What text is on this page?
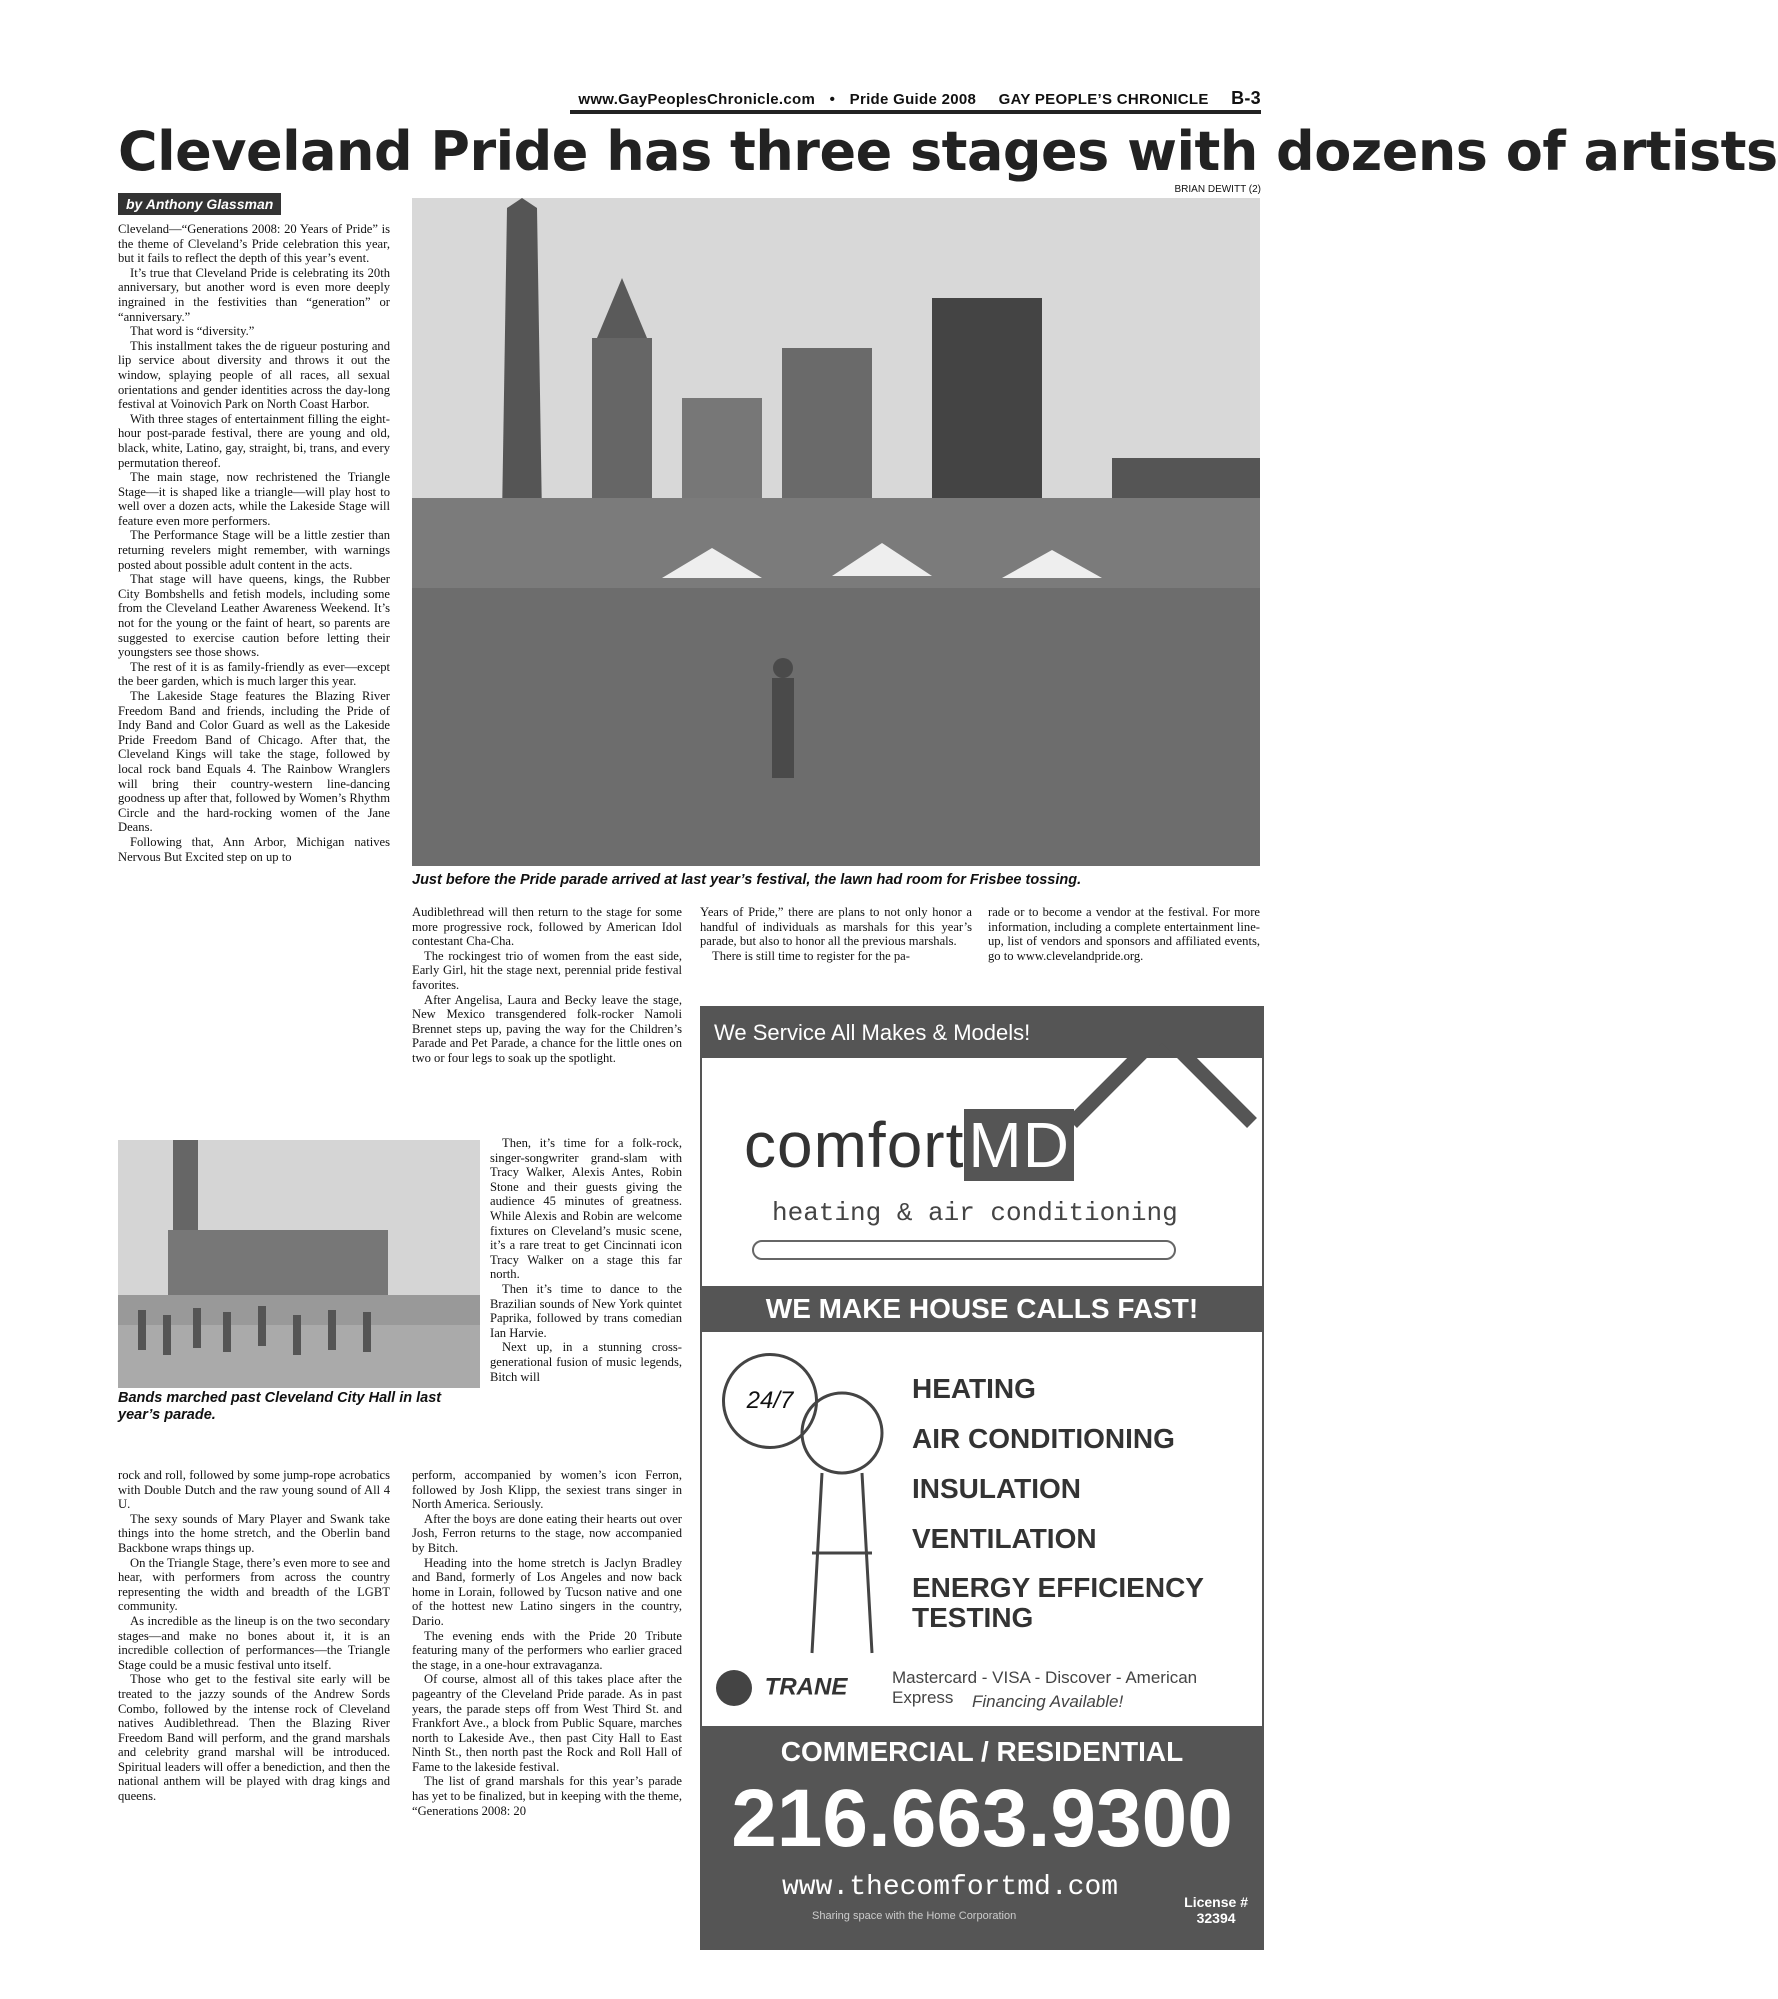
www.GayPeoplesChronicle.com • Pride Guide 2008 GAY PEOPLE’S CHRONICLE B-3
Cleveland Pride has three stages with dozens of artists
by Anthony Glassman
BRIAN DEWITT (2)
Just before the Pride parade arrived at last year’s festival, the lawn had room for Frisbee tossing.

Cleveland—“Generations 2008: 20 Years of Pride” is the theme of Cleveland’s Pride celebration this year, but it fails to reflect the depth of this year’s event.

It’s true that Cleveland Pride is celebrating its 20th anniversary, but another word is even more deeply ingrained in the festivities than “generation” or “anniversary.”

That word is “diversity.”

This installment takes the de rigueur posturing and lip service about diversity and throws it out the window, splaying people of all races, all sexual orientations and gender identities across the day-long festival at Voinovich Park on North Coast Harbor.

With three stages of entertainment filling the eight-hour post-parade festival, there are young and old, black, white, Latino, gay, straight, bi, trans, and every permutation thereof.

The main stage, now rechristened the Triangle Stage—it is shaped like a triangle—will play host to well over a dozen acts, while the Lakeside Stage will feature even more performers.

The Performance Stage will be a little zestier than returning revelers might remember, with warnings posted about possible adult content in the acts.

That stage will have queens, kings, the Rubber City Bombshells and fetish models, including some from the Cleveland Leather Awareness Weekend. It’s not for the young or the faint of heart, so parents are suggested to exercise caution before letting their youngsters see those shows.

The rest of it is as family-friendly as ever—except the beer garden, which is much larger this year.

The Lakeside Stage features the Blazing River Freedom Band and friends, including the Pride of Indy Band and Color Guard as well as the Lakeside Pride Freedom Band of Chicago. After that, the Cleveland Kings will take the stage, followed by local rock band Equals 4. The Rainbow Wranglers will bring their country-western line-dancing goodness up after that, followed by Women’s Rhythm Circle and the hard-rocking women of the Jane Deans.

Following that, Ann Arbor, Michigan natives Nervous But Excited step on up to

Audiblethread will then return to the stage for some more progressive rock, followed by American Idol contestant Cha-Cha.

The rockingest trio of women from the east side, Early Girl, hit the stage next, perennial pride festival favorites.

After Angelisa, Laura and Becky leave the stage, New Mexico transgendered folk-rocker Namoli Brennet steps up, paving the way for the Children’s Parade and Pet Parade, a chance for the little ones on two or four legs to soak up the spotlight.

Bands marched past Cleveland City Hall in last year’s parade.

Then, it’s time for a folk-rock, singer-songwriter grand-slam with Tracy Walker, Alexis Antes, Robin Stone and their guests giving the audience 45 minutes of greatness. While Alexis and Robin are welcome fixtures on Cleveland’s music scene, it’s a rare treat to get Cincinnati icon Tracy Walker on a stage this far north.

Then it’s time to dance to the Brazilian sounds of New York quintet Paprika, followed by trans comedian Ian Harvie.

Next up, in a stunning cross-generational fusion of music legends, Bitch will

rock and roll, followed by some jump-rope acrobatics with Double Dutch and the raw young sound of All 4 U.

The sexy sounds of Mary Player and Swank take things into the home stretch, and the Oberlin band Backbone wraps things up.

On the Triangle Stage, there’s even more to see and hear, with performers from across the country representing the width and breadth of the LGBT community.

As incredible as the lineup is on the two secondary stages—and make no bones about it, it is an incredible collection of performances—the Triangle Stage could be a music festival unto itself.

Those who get to the festival site early will be treated to the jazzy sounds of the Andrew Sords Combo, followed by the intense rock of Cleveland natives Audiblethread. Then the Blazing River Freedom Band will perform, and the grand marshals and celebrity grand marshal will be introduced. Spiritual leaders will offer a benediction, and then the national anthem will be played with drag kings and queens.

perform, accompanied by women’s icon Ferron, followed by Josh Klipp, the sexiest trans singer in North America. Seriously.

After the boys are done eating their hearts out over Josh, Ferron returns to the stage, now accompanied by Bitch.

Heading into the home stretch is Jaclyn Bradley and Band, formerly of Los Angeles and now back home in Lorain, followed by Tucson native and one of the hottest new Latino singers in the country, Dario.

The evening ends with the Pride 20 Tribute featuring many of the performers who earlier graced the stage, in a one-hour extravaganza.

Of course, almost all of this takes place after the pageantry of the Cleveland Pride parade. As in past years, the parade steps off from West Third St. and Frankfort Ave., a block from Public Square, marches north to Lakeside Ave., then past City Hall to East Ninth St., then north past the Rock and Roll Hall of Fame to the lakeside festival.

The list of grand marshals for this year’s parade has yet to be finalized, but in keeping with the theme, “Generations 2008: 20

Years of Pride,” there are plans to not only honor a handful of individuals as marshals for this year’s parade, but also to honor all the previous marshals.

There is still time to register for the pa-

rade or to become a vendor at the festival. For more information, including a complete entertainment line-up, list of vendors and sponsors and affiliated events, go to www.clevelandpride.org.

We Service All Makes & Models!
comfortMD
heating & air conditioning
WE MAKE HOUSE CALLS FAST!
24/7	HEATING
AIR CONDITIONING
INSULATION
VENTILATION
ENERGY EFFICIENCY TESTING
TRANE	Mastercard - VISA - Discover - American Express	Financing Available!
COMMERCIAL / RESIDENTIAL
216.663.9300
www.thecomfortmd.com
Sharing space with the Home Corporation
License #
32394
